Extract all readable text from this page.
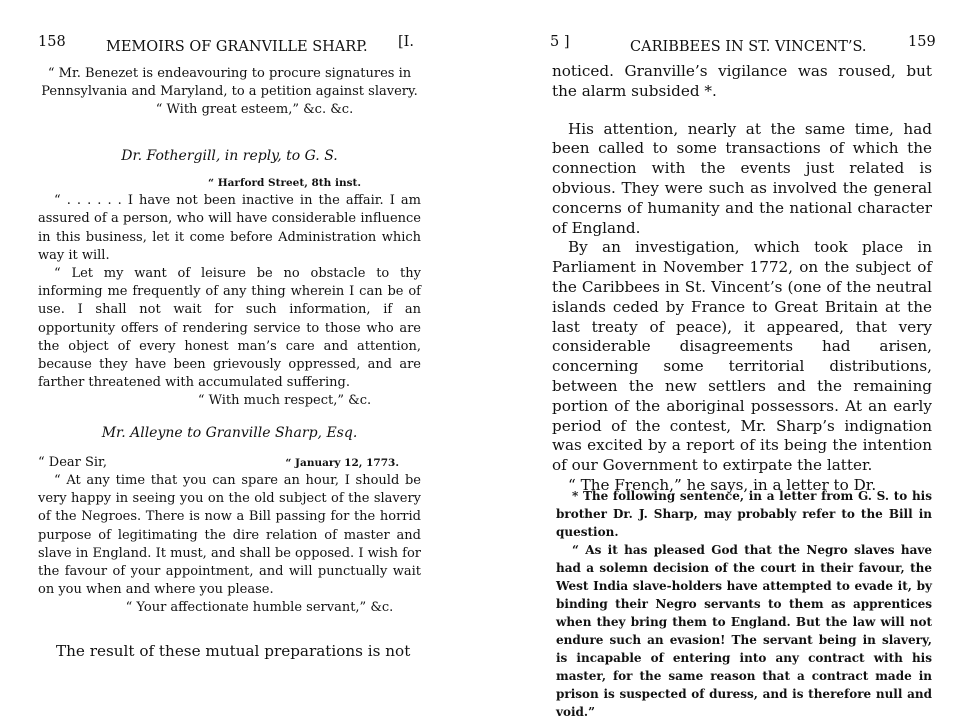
158	MEMOIRS OF GRANVILLE SHARP. [I.

“ Mr. Benezet is endeavouring to procure signatures in

Pennsylvania and Maryland, to a petition against slavery.

“ With great esteem,” &c. &c.

Dr. Fothergill, in reply, to G. S.

“ Harford Street, 8th inst.

“ . . . . . . I have not been inactive in the affair. I am assured of a person, who will have considerable influence in this business, let it come before Administration which way it will.

“ Let my want of leisure be no obstacle to thy informing me frequently of any thing wherein I can be of use. I shall not wait for such information, if an opportunity offers of rendering service to those who are the object of every honest man’s care and attention, because they have been grievously oppressed, and are farther threatened with accumulated suffering.

“ With much respect,” &c.

Mr. Alleyne to Granville Sharp, Esq.
“ Dear Sir,	“ January 12, 1773.

“ At any time that you can spare an hour, I should be very happy in seeing you on the old subject of the slavery of the Negroes. There is now a Bill passing for the horrid purpose of legitimating the dire relation of master and slave in England. It must, and shall be opposed. I wish for the favour of your appointment, and will punctually wait on you when and where you please.

“ Your affectionate humble servant,” &c.

The result of these mutual preparations is not
5 ]	CARIBBEES IN ST. VINCENT’S.	159

noticed. Granville’s vigilance was roused, but the alarm subsided *.

His attention, nearly at the same time, had been called to some transactions of which the connection with the events just related is obvious. They were such as involved the general concerns of humanity and the national character of England.

By an investigation, which took place in Parliament in November 1772, on the subject of the Caribbees in St. Vincent’s (one of the neutral islands ceded by France to Great Britain at the last treaty of peace), it appeared, that very considerable disagreements had arisen, concerning some territorial distributions, between the new settlers and the remaining portion of the aboriginal possessors. At an early period of the contest, Mr. Sharp’s indignation was excited by a report of its being the intention of our Government to extirpate the latter.

“ The French,” he says, in a letter to Dr.

* The following sentence, in a letter from G. S. to his brother Dr. J. Sharp, may probably refer to the Bill in question.

“ As it has pleased God that the Negro slaves have had a solemn decision of the court in their favour, the West India slave-holders have attempted to evade it, by binding their Negro servants to them as apprentices when they bring them to England. But the law will not endure such an evasion! The servant being in slavery, is incapable of entering into any contract with his master, for the same reason that a contract made in prison is suspected of duress, and is therefore null and void.”
